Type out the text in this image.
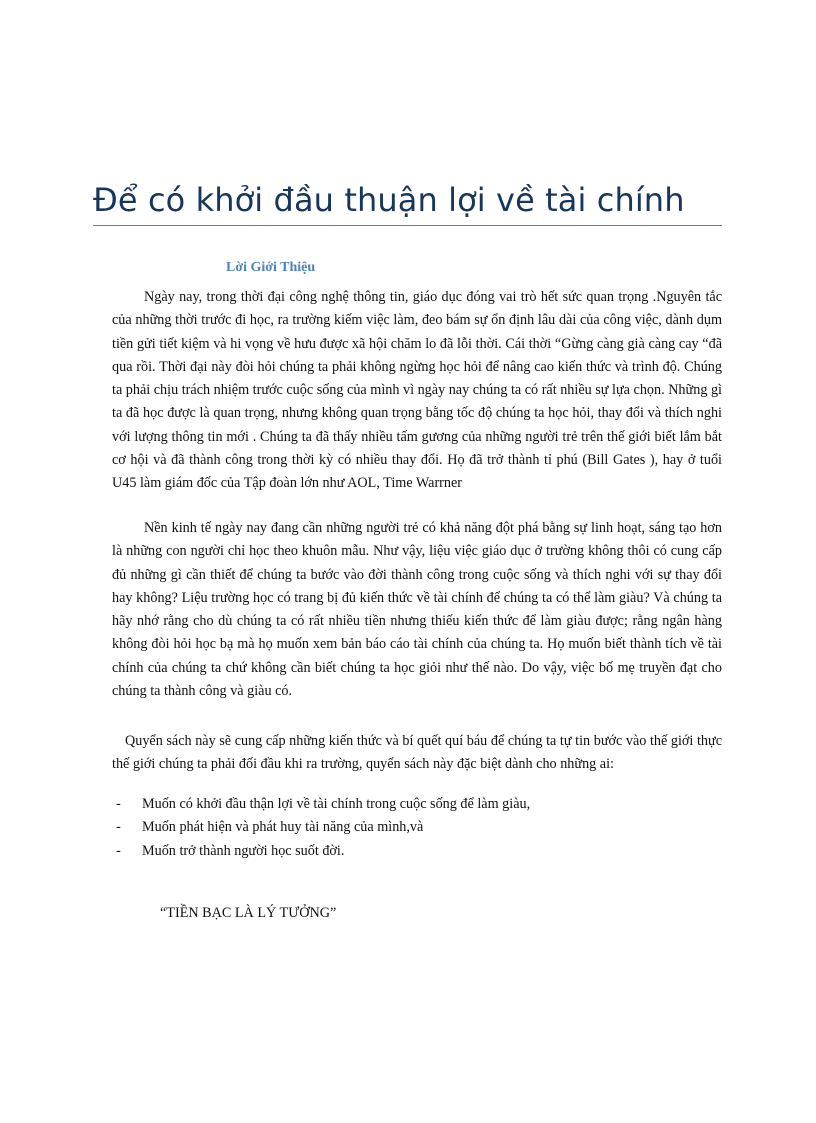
Để có khởi đầu thuận lợi về tài chính
Lời Giới Thiệu

Ngày nay, trong thời đại công nghệ thông tin, giáo dục đóng vai trò hết sức quan trọng .Nguyên tắc của những thời trước đi học, ra trường kiếm việc làm, đeo bám sự ổn định lâu dài của công việc, dành dụm tiền gửi tiết kiệm và hi vọng về hưu được xã hội chăm lo đã lỗi thời. Cái thời “Gừng càng già càng cay “đã qua rồi. Thời đại này đòi hỏi chúng ta phải không ngừng học hỏi để nâng cao kiến thức và trình độ. Chúng ta phải chịu trách nhiệm trước cuộc sống của mình vì ngày nay chúng ta có rất nhiều sự lựa chọn. Những gì ta đã học được là quan trọng, nhưng không quan trọng bằng tốc độ chúng ta học hỏi, thay đổi và thích nghi với lượng thông tin mới . Chúng ta đã thấy nhiều tấm gương của những người trẻ trên thế giới biết lắm bắt cơ hội và đã thành công trong thời kỳ có nhiều thay đổi. Họ đã trở thành tỉ phú (Bill Gates ), hay ở tuổi U45 làm giám đốc của Tập đoàn lớn như AOL, Time Warrner

Nền kinh tế ngày nay đang cần những người trẻ có khả năng đột phá bằng sự linh hoạt, sáng tạo hơn là những con người chỉ học theo khuôn mẫu. Như vậy, liệu việc giáo dục ở trường không thôi có cung cấp đủ những gì cần thiết để chúng ta bước vào đời thành công trong cuộc sống và thích nghi với sự thay đổi hay không? Liệu trường học có trang bị đủ kiến thức về tài chính để chúng ta có thể làm giàu? Và chúng ta hãy nhớ rằng cho dù chúng ta có rất nhiều tiền nhưng thiếu kiến thức để làm giàu được; rằng ngân hàng không đòi hỏi học bạ mà họ muốn xem bản báo cáo tài chính của chúng ta. Họ muốn biết thành tích về tài chính của chúng ta chứ không cần biết chúng ta học giỏi như thế nào. Do vậy, việc bố mẹ truyền đạt cho chúng ta thành công và giàu có.

Quyển sách này sẽ cung cấp những kiến thức và bí quết quí báu để chúng ta tự tin bước vào thế giới thực thế giới chúng ta phải đối đầu khi ra trường, quyển sách này đặc biệt dành cho những ai:

- Muốn có khởi đầu thận lợi về tài chính trong cuộc sống để làm giàu,
- Muốn phát hiện và phát huy tài năng của mình,và
- Muốn trở thành người học suốt đời.

“TIỀN BẠC LÀ LÝ TƯỞNG”
